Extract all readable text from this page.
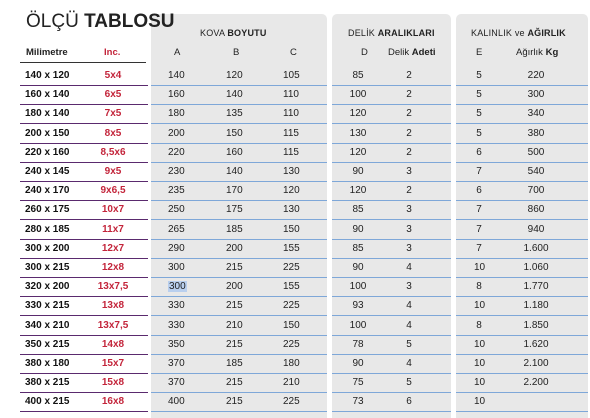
ÖLÇÜ TABLOSU
KOVA BOYUTU	DELİK ARALIKLARI	KALINLIK ve AĞIRLIK
Milimetre	Inc.	A	B	C	D Delik Adeti	E	Ağırlık Kg
140 x 120	5x4	140	120	105	85	2	5	220
160 x 140	6x5	160	140	110	100	2	5	300
180 x 140	7x5	180	135	110	120	2	5	340
200 x 150	8x5	200	150	115	130	2	5	380
220 x 160	8,5x6	220	160	115	120	2	6	500
240 x 145	9x5	230	140	130	90	3	7	540
240 x 170	9x6,5	235	170	120	120	2	6	700
260 x 175	10x7	250	175	130	85	3	7	860
280 x 185	11x7	265	185	150	90	3	7	940
300 x 200	12x7	290	200	155	85	3	7	1.600
300 x 215	12x8	300	215	225	90	4	10	1.060
320 x 200	13x7,5	300	200	155	100	3	8	1.770
330 x 215	13x8	330	215	225	93	4	10	1.180
340 x 210	13x7,5	330	210	150	100	4	8	1.850
350 x 215	14x8	350	215	225	78	5	10	1.620
380 x 180	15x7	370	185	180	90	4	10	2.100
380 x 215	15x8	370	215	210	75	5	10	2.200
400 x 215	16x8	400	215	225	73	6	10
